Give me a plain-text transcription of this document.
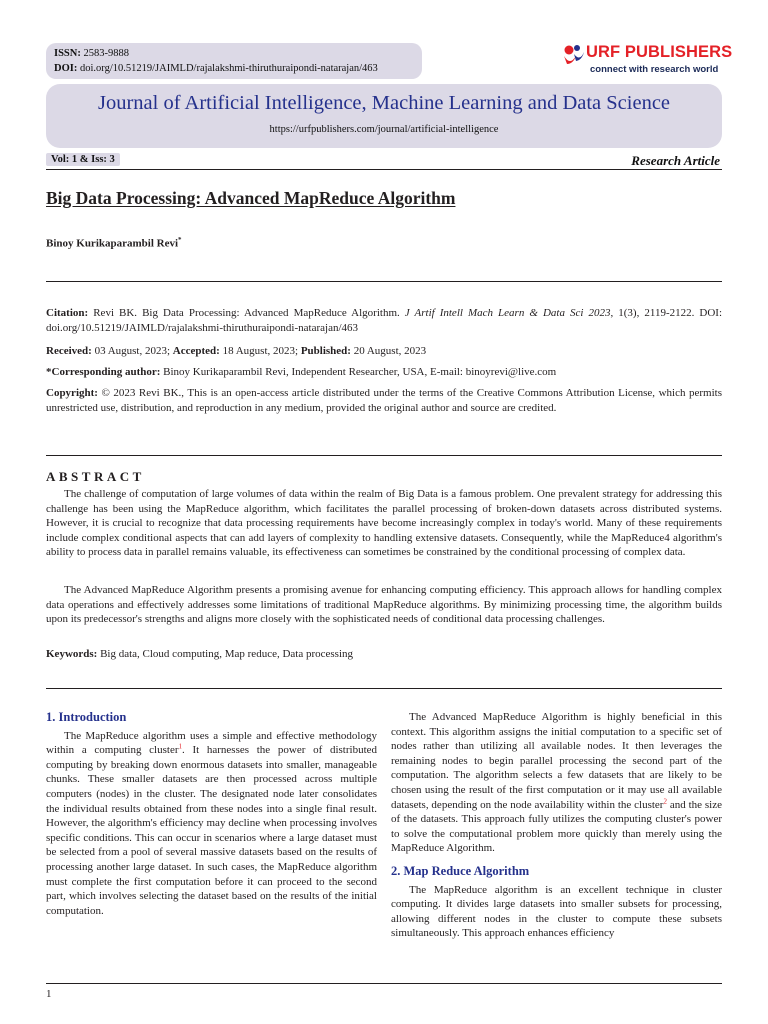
ISSN: 2583-9888
DOI: doi.org/10.51219/JAIMLD/rajalakshmi-thiruthuraipondi-natarajan/463
URF PUBLISHERS
connect with research world
Journal of Artificial Intelligence, Machine Learning and Data Science
https://urfpublishers.com/journal/artificial-intelligence
Vol: 1 & Iss: 3	Research Article
Big Data Processing: Advanced MapReduce Algorithm
Binoy Kurikaparambil Revi*
Citation: Revi BK. Big Data Processing: Advanced MapReduce Algorithm. J Artif Intell Mach Learn & Data Sci 2023, 1(3), 2119-2122. DOI: doi.org/10.51219/JAIMLD/rajalakshmi-thiruthuraipondi-natarajan/463
Received: 03 August, 2023; Accepted: 18 August, 2023; Published: 20 August, 2023
*Corresponding author: Binoy Kurikaparambil Revi, Independent Researcher, USA, E-mail: binoyrevi@live.com
Copyright: © 2023 Revi BK., This is an open-access article distributed under the terms of the Creative Commons Attribution License, which permits unrestricted use, distribution, and reproduction in any medium, provided the original author and source are credited.
ABSTRACT
The challenge of computation of large volumes of data within the realm of Big Data is a famous problem. One prevalent strategy for addressing this challenge has been using the MapReduce algorithm, which facilitates the parallel processing of broken-down datasets across distributed systems. However, it is crucial to recognize that data processing requirements have become increasingly complex in today's world. Many of these requirements include complex conditional aspects that can add layers of complexity to handling extensive datasets. Consequently, while the MapReduce4 algorithm's ability to process data in parallel remains valuable, its effectiveness can sometimes be constrained by the conditional processing of complex data.
The Advanced MapReduce Algorithm presents a promising avenue for enhancing computing efficiency. This approach allows for handling complex data operations and effectively addresses some limitations of traditional MapReduce algorithms. By minimizing processing time, the algorithm builds upon its predecessor's strengths and aligns more closely with the sophisticated needs of conditional data processing challenges.
Keywords: Big data, Cloud computing, Map reduce, Data processing
1. Introduction

The MapReduce algorithm uses a simple and effective methodology within a computing cluster$^1$. It harnesses the power of distributed computing by breaking down enormous datasets into smaller, manageable chunks. These smaller datasets are then processed across multiple computers (nodes) in the cluster. The designated node later consolidates the individual results obtained from these nodes into a single final result. However, the algorithm's efficiency may decline when processing involves specific conditions. This can occur in scenarios where a large dataset must be selected from a pool of several massive datasets based on the results of processing another large dataset. In such cases, the MapReduce algorithm must complete the first computation before it can proceed to the second part, which involves selecting the dataset based on the results of the initial computation.

The Advanced MapReduce Algorithm is highly beneficial in this context. This algorithm assigns the initial computation to a specific set of nodes rather than utilizing all available nodes. It then leverages the remaining nodes to begin parallel processing the second part of the computation. The algorithm selects a few datasets that are likely to be chosen using the result of the first computation or it may use all available datasets, depending on the node availability within the cluster$^2$ and the size of the datasets. This approach fully utilizes the computing cluster's power to solve the computational problem more quickly than merely using the MapReduce Algorithm.

2. Map Reduce Algorithm

The MapReduce algorithm is an excellent technique in cluster computing. It divides large datasets into smaller subsets for processing, allowing different nodes in the cluster to compute these subsets simultaneously. This approach enhances efficiency

1
